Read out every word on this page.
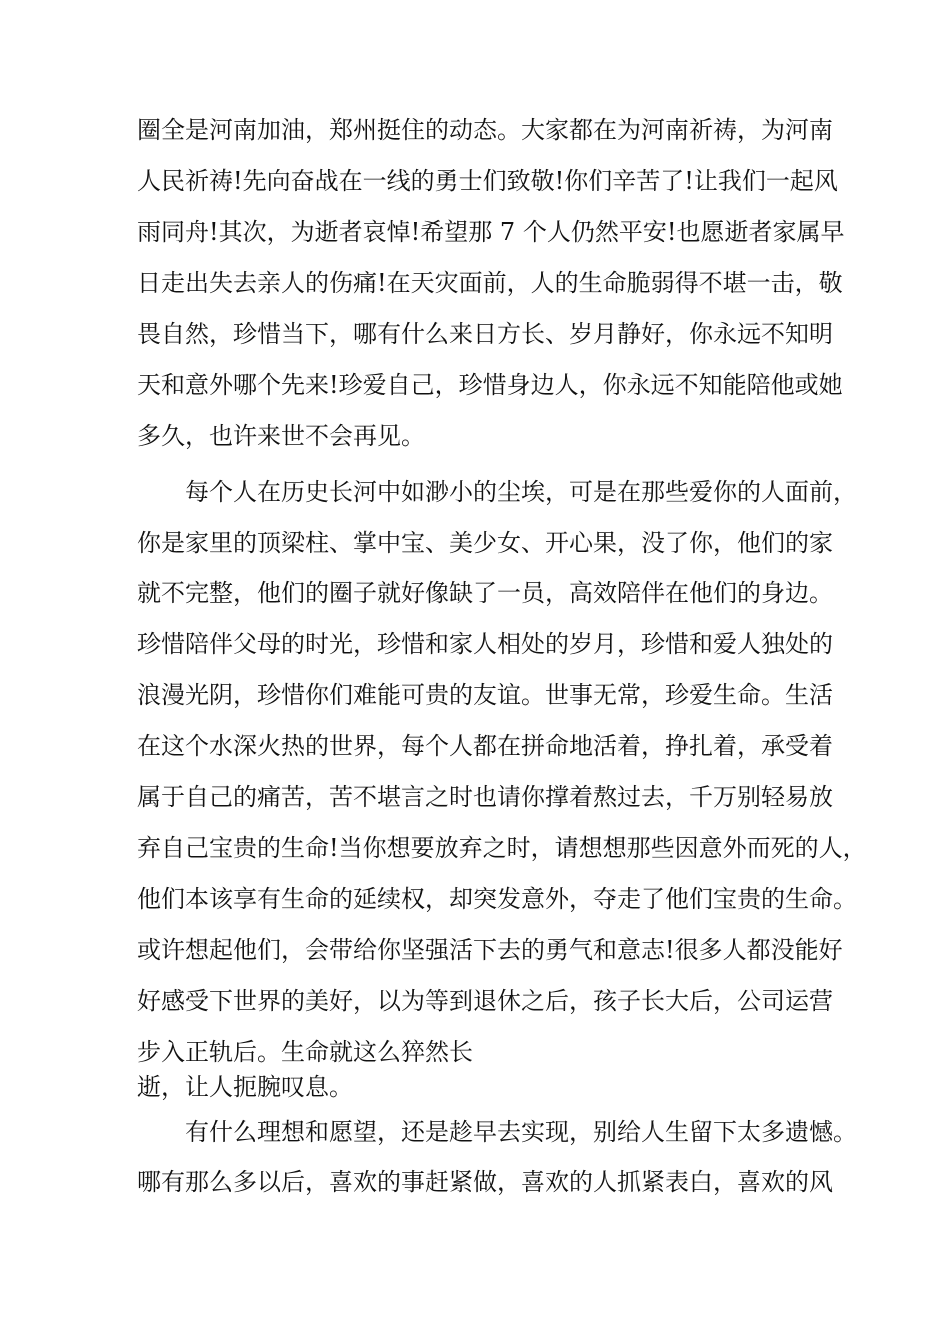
圈全是河南加油，郑州挺住的动态。大家都在为河南祈祷，为河南
人民祈祷!先向奋战在一线的勇士们致敬!你们辛苦了!让我们一起风
雨同舟!其次，为逝者哀悼!希望那 7 个人仍然平安!也愿逝者家属早
日走出失去亲人的伤痛!在天灾面前，人的生命脆弱得不堪一击，敬
畏自然，珍惜当下，哪有什么来日方长、岁月静好，你永远不知明
天和意外哪个先来!珍爱自己，珍惜身边人，你永远不知能陪他或她
多久，也许来世不会再见。
每个人在历史长河中如渺小的尘埃，可是在那些爱你的人面前，
你是家里的顶梁柱、掌中宝、美少女、开心果，没了你，他们的家
就不完整，他们的圈子就好像缺了一员，高效陪伴在他们的身边。
珍惜陪伴父母的时光，珍惜和家人相处的岁月，珍惜和爱人独处的
浪漫光阴，珍惜你们难能可贵的友谊。世事无常，珍爱生命。生活
在这个水深火热的世界，每个人都在拼命地活着，挣扎着，承受着
属于自己的痛苦，苦不堪言之时也请你撑着熬过去，千万别轻易放
弃自己宝贵的生命!当你想要放弃之时，请想想那些因意外而死的人，
他们本该享有生命的延续权，却突发意外，夺走了他们宝贵的生命。
或许想起他们，会带给你坚强活下去的勇气和意志!很多人都没能好
好感受下世界的美好，以为等到退休之后，孩子长大后，公司运营
步入正轨后。生命就这么猝然长
逝，让人扼腕叹息。
有什么理想和愿望，还是趁早去实现，别给人生留下太多遗憾。
哪有那么多以后，喜欢的事赶紧做，喜欢的人抓紧表白，喜欢的风
